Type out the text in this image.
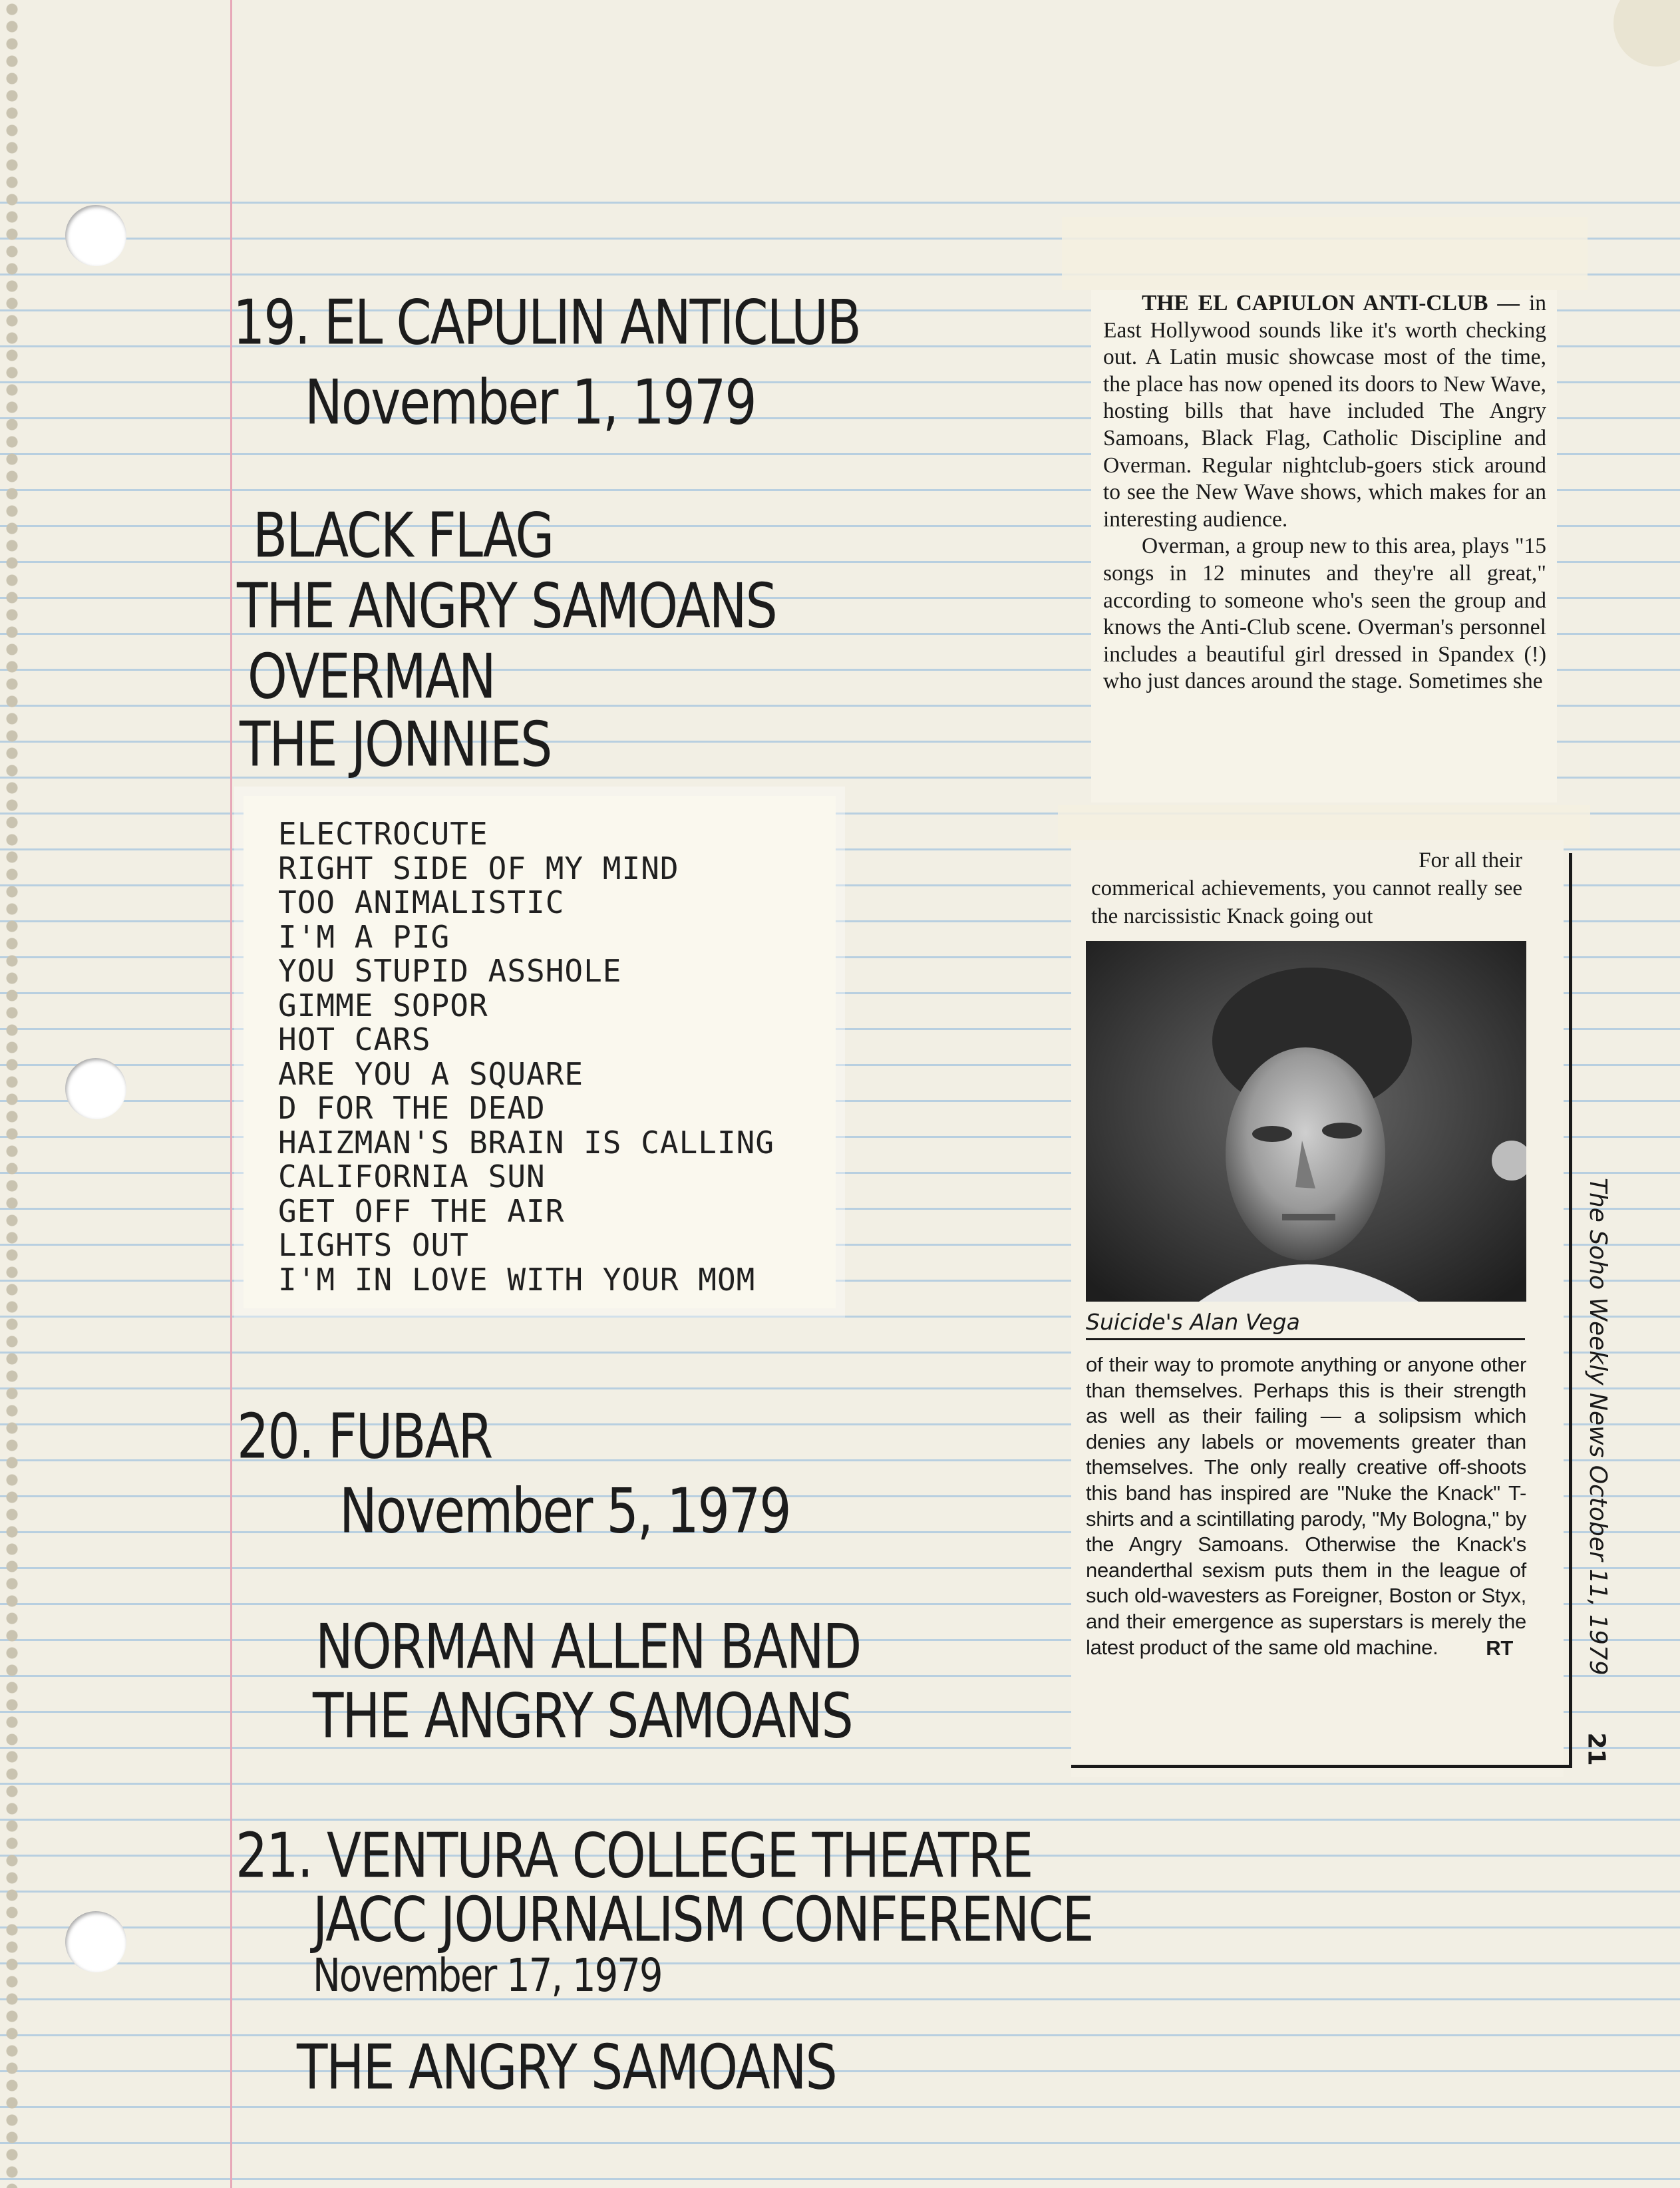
19. EL CAPULIN ANTICLUB
November 1, 1979
BLACK FLAG
THE ANGRY SAMOANS
OVERMAN
THE JONNIES
ELECTROCUTE
RIGHT SIDE OF MY MIND
TOO ANIMALISTIC
I'M A PIG
YOU STUPID ASSHOLE
GIMME SOPOR
HOT CARS
ARE YOU A SQUARE
D FOR THE DEAD
HAIZMAN'S BRAIN IS CALLING
CALIFORNIA SUN
GET OFF THE AIR
LIGHTS OUT
I'M IN LOVE WITH YOUR MOM
20. FUBAR
November 5, 1979
NORMAN ALLEN BAND
THE ANGRY SAMOANS
21. VENTURA COLLEGE THEATRE
JACC JOURNALISM CONFERENCE
November 17, 1979
THE ANGRY SAMOANS

THE EL CAPIULON ANTI-CLUB — in East Hollywood sounds like it's worth checking out. A Latin music showcase most of the time, the place has now opened its doors to New Wave, hosting bills that have included The Angry Samoans, Black Flag, Catholic Discipline and Overman. Regular nightclub-goers stick around to see the New Wave shows, which makes for an interesting audience.

Overman, a group new to this area, plays "15 songs in 12 minutes and they're all great," according to someone who's seen the group and knows the Anti-Club scene. Overman's personnel includes a beautiful girl dressed in Spandex (!) who just dances around the stage. Sometimes she

For all their
commerical achievements, you cannot really see the narcissistic Knack going out
Suicide's Alan Vega
of their way to promote anything or anyone other than themselves. Perhaps this is their strength as well as their failing — a solipsism which denies any labels or movements greater than themselves. The only really creative off-shoots this band has inspired are "Nuke the Knack" T-shirts and a scintillating parody, "My Bologna," by the Angry Samoans. Otherwise the Knack's neanderthal sexism puts them in the league of such old-wavesters as Foreigner, Boston or Styx, and their emergence as superstars is merely the latest product of the same old machine.	RT	The Soho Weekly News October 11, 1979
21
